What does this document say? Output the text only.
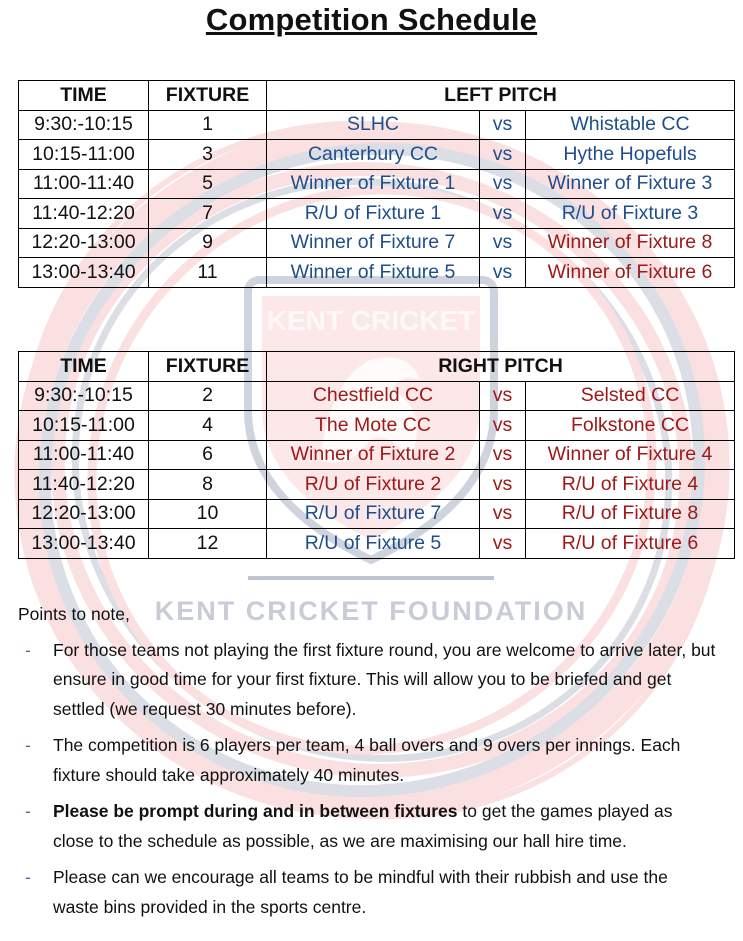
KENT CRICKET
KENT CRICKET FOUNDATION
Competition Schedule
TIME	FIXTURE	LEFT PITCH		
9:30:-10:15	1	SLHC	vs	Whistable CC
10:15-11:00	3	Canterbury CC	vs	Hythe Hopefuls
11:00-11:40	5	Winner of Fixture 1	vs	Winner of Fixture 3
11:40-12:20	7	R/U of Fixture 1	vs	R/U of Fixture 3
12:20-13:00	9	Winner of Fixture 7	vs	Winner of Fixture 8
13:00-13:40	11	Winner of Fixture 5	vs	Winner of Fixture 6
TIME	FIXTURE	RIGHT PITCH		
9:30:-10:15	2	Chestfield CC	vs	Selsted CC
10:15-11:00	4	The Mote CC	vs	Folkstone CC
11:00-11:40	6	Winner of Fixture 2	vs	Winner of Fixture 4
11:40-12:20	8	R/U of Fixture 2	vs	R/U of Fixture 4
12:20-13:00	10	R/U of Fixture 7	vs	R/U of Fixture 8
13:00-13:40	12	R/U of Fixture 5	vs	R/U of Fixture 6
Points to note,
- For those teams not playing the first fixture round, you are welcome to arrive later, but ensure in good time for your first fixture. This will allow you to be briefed and get settled (we request 30 minutes before).
- The competition is 6 players per team, 4 ball overs and 9 overs per innings. Each fixture should take approximately 40 minutes.
- Please be prompt during and in between fixtures to get the games played as close to the schedule as possible, as we are maximising our hall hire time.
- Please can we encourage all teams to be mindful with their rubbish and use the waste bins provided in the sports centre.
